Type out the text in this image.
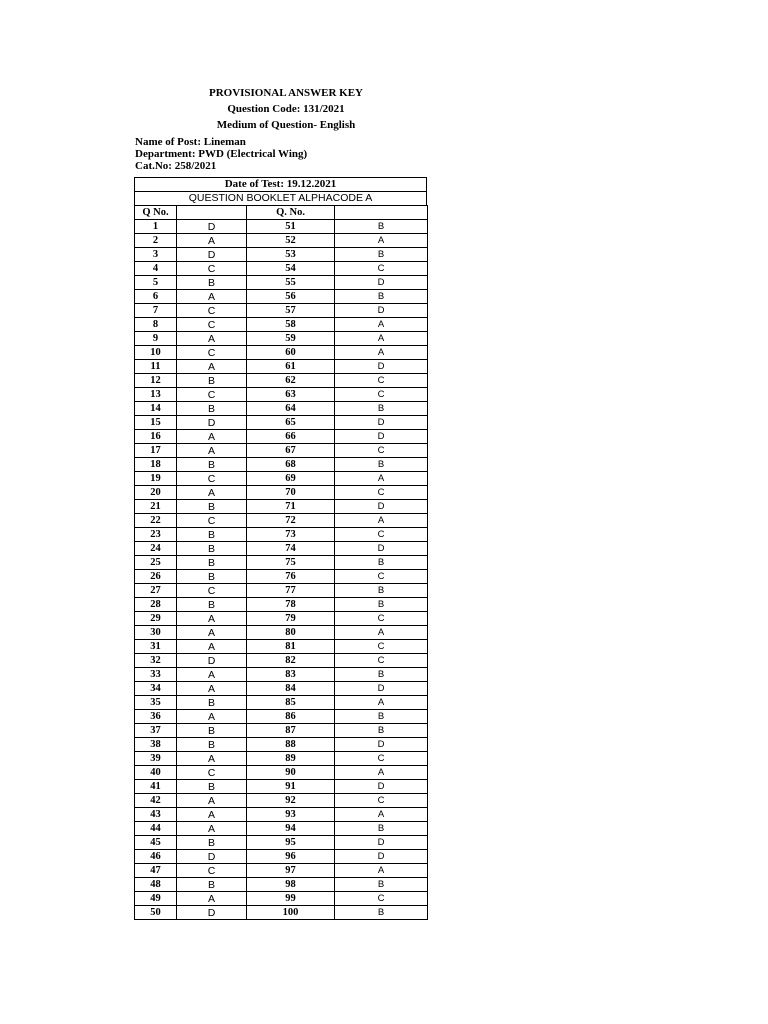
PROVISIONAL ANSWER KEY
Question Code: 131/2021
Medium of Question- English
Name of Post: Lineman
Department: PWD (Electrical Wing)
Cat.No: 258/2021
Date of Test: 19.12.2021
QUESTION BOOKLET ALPHACODE A
Q No.		Q. No.	
1	D	51	B
2	A	52	A
3	D	53	B
4	C	54	C
5	B	55	D
6	A	56	B
7	C	57	D
8	C	58	A
9	A	59	A
10	C	60	A
11	A	61	D
12	B	62	C
13	C	63	C
14	B	64	B
15	D	65	D
16	A	66	D
17	A	67	C
18	B	68	B
19	C	69	A
20	A	70	C
21	B	71	D
22	C	72	A
23	B	73	C
24	B	74	D
25	B	75	B
26	B	76	C
27	C	77	B
28	B	78	B
29	A	79	C
30	A	80	A
31	A	81	C
32	D	82	C
33	A	83	B
34	A	84	D
35	B	85	A
36	A	86	B
37	B	87	B
38	B	88	D
39	A	89	C
40	C	90	A
41	B	91	D
42	A	92	C
43	A	93	A
44	A	94	B
45	B	95	D
46	D	96	D
47	C	97	A
48	B	98	B
49	A	99	C
50	D	100	B
